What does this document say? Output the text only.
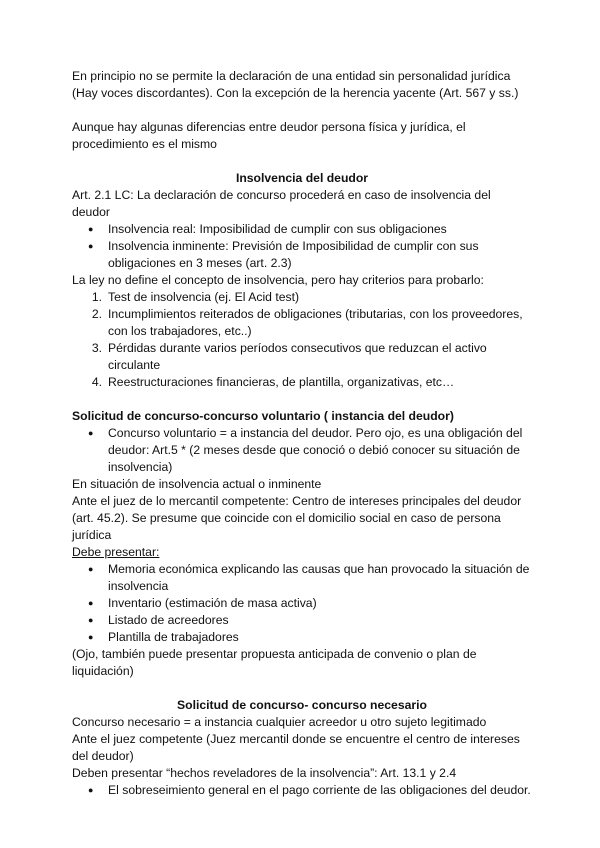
En principio no se permite la declaración de una entidad sin personalidad jurídica (Hay voces discordantes). Con la excepción de la herencia yacente (Art. 567 y ss.)

Aunque hay algunas diferencias entre deudor persona física y jurídica, el procedimiento es el mismo

Insolvencia del deudor

Art. 2.1 LC: La declaración de concurso procederá en caso de insolvencia del deudor

● Insolvencia real: Imposibilidad de cumplir con sus obligaciones
● Insolvencia inminente: Previsión de Imposibilidad de cumplir con sus obligaciones en 3 meses (art. 2.3)

La ley no define el concepto de insolvencia, pero hay criterios para probarlo:

1. Test de insolvencia (ej. El Acid test)
2. Incumplimientos reiterados de obligaciones (tributarias, con los proveedores, con los trabajadores, etc..)
3. Pérdidas durante varios períodos consecutivos que reduzcan el activo circulante
4. Reestructuraciones financieras, de plantilla, organizativas, etc…

Solicitud de concurso-concurso voluntario ( instancia del deudor)

● Concurso voluntario = a instancia del deudor. Pero ojo, es una obligación del deudor: Art.5 * (2 meses desde que conoció o debió conocer su situación de insolvencia)

En situación de insolvencia actual o inminente

Ante el juez de lo mercantil competente: Centro de intereses principales del deudor (art. 45.2). Se presume que coincide con el domicilio social en caso de persona jurídica

Debe presentar:

● Memoria económica explicando las causas que han provocado la situación de insolvencia
● Inventario (estimación de masa activa)
● Listado de acreedores
● Plantilla de trabajadores

(Ojo, también puede presentar propuesta anticipada de convenio o plan de liquidación)

Solicitud de concurso- concurso necesario

Concurso necesario = a instancia cualquier acreedor u otro sujeto legitimado

Ante el juez competente (Juez mercantil donde se encuentre el centro de intereses del deudor)

Deben presentar “hechos reveladores de la insolvencia”: Art. 13.1 y 2.4

● El sobreseimiento general en el pago corriente de las obligaciones del deudor.
